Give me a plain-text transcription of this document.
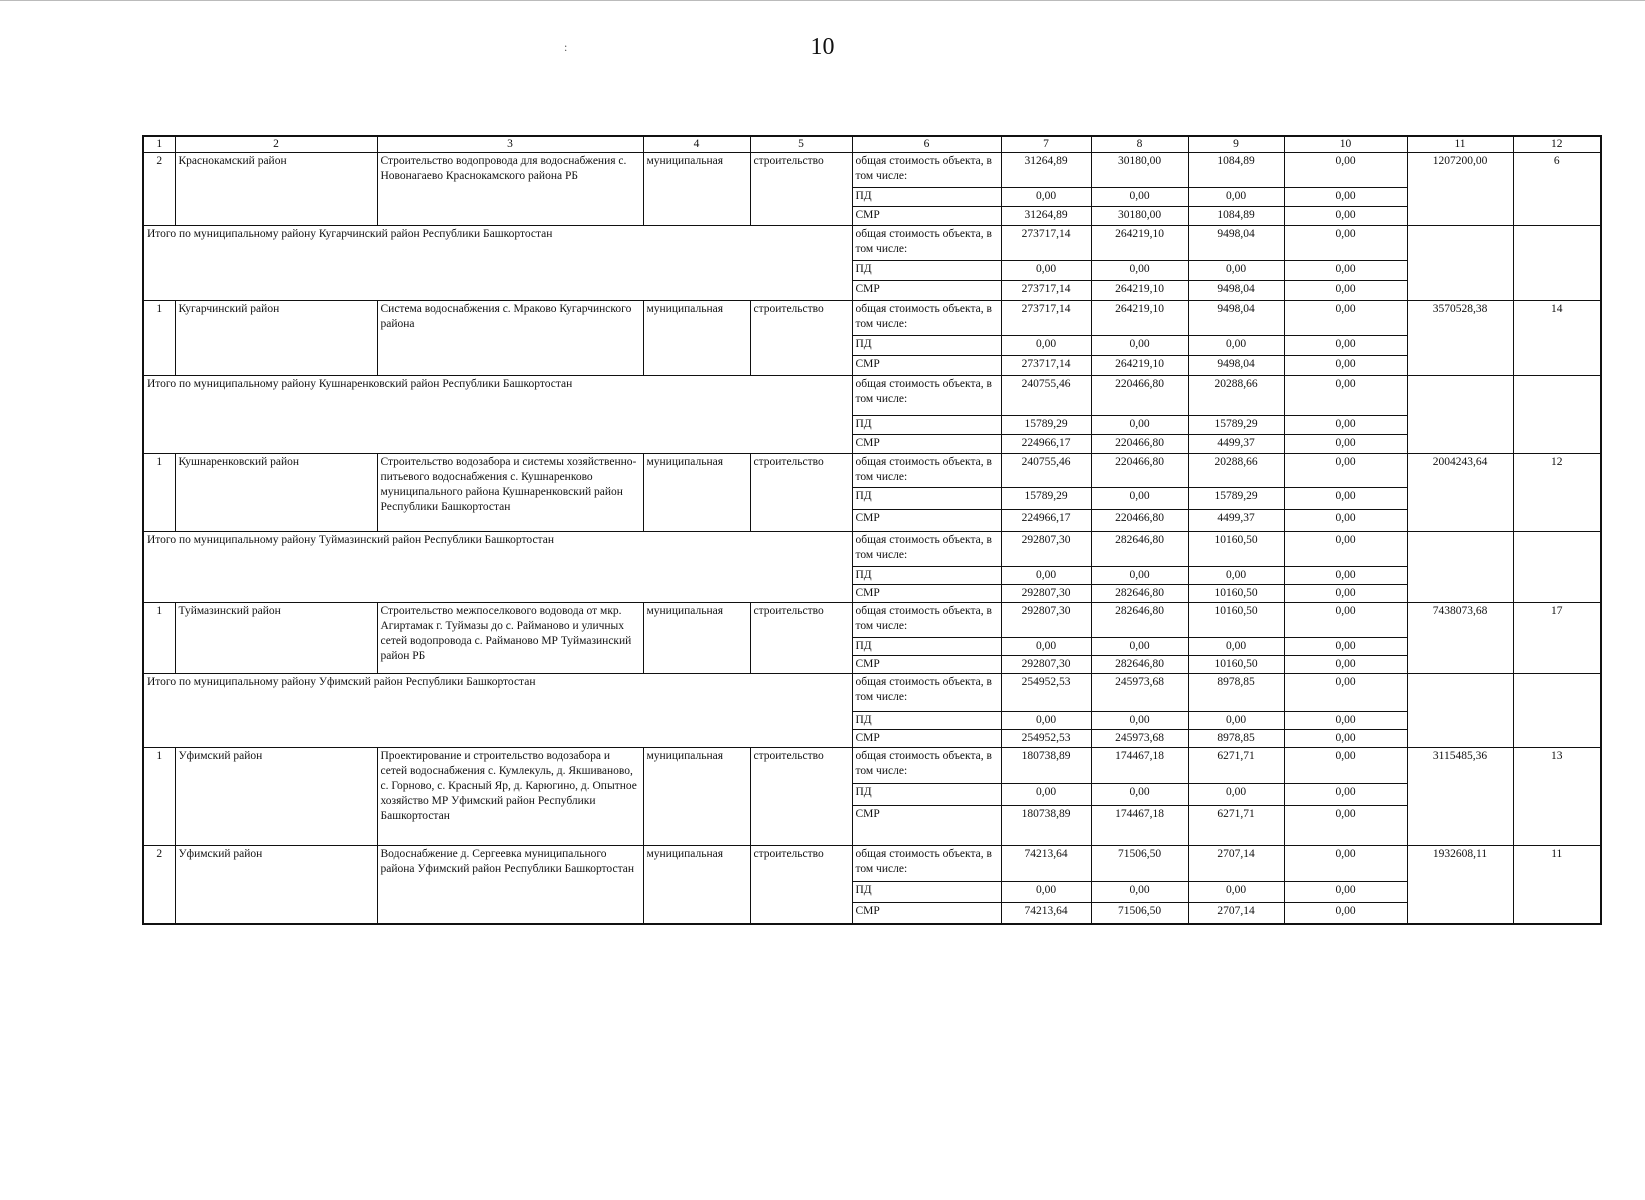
:	10
1	2	3	4	5	6	7	8	9	10	11	12
2	Краснокамский район	Строительство водопровода для водоснабжения с. Новонагаево Краснокамского района РБ	муниципальная	строительство	общая стоимость объекта, в том числе:	31264,89	30180,00	1084,89	0,00	1207200,00	6
					ПД	0,00	0,00	0,00	0,00		
					СМР	31264,89	30180,00	1084,89	0,00		
Итого по муниципальному району Кугарчинский район Республики Башкортостан					общая стоимость объекта, в том числе:	273717,14	264219,10	9498,04	0,00		
					ПД	0,00	0,00	0,00	0,00		
					СМР	273717,14	264219,10	9498,04	0,00		
1	Кугарчинский район	Система водоснабжения с. Мраково Кугарчинского района	муниципальная	строительство	общая стоимость объекта, в том числе:	273717,14	264219,10	9498,04	0,00	3570528,38	14
					ПД	0,00	0,00	0,00	0,00		
					СМР	273717,14	264219,10	9498,04	0,00		
Итого по муниципальному району Кушнаренковский район Республики Башкортостан					общая стоимость объекта, в том числе:	240755,46	220466,80	20288,66	0,00		
					ПД	15789,29	0,00	15789,29	0,00		
					СМР	224966,17	220466,80	4499,37	0,00		
1	Кушнаренковский район	Строительство водозабора и системы хозяйственно-питьевого водоснабжения с. Кушнаренково муниципального района Кушнаренковский район Республики Башкортостан	муниципальная	строительство	общая стоимость объекта, в том числе:	240755,46	220466,80	20288,66	0,00	2004243,64	12
					ПД	15789,29	0,00	15789,29	0,00		
					СМР	224966,17	220466,80	4499,37	0,00		
Итого по муниципальному району Туймазинский район Республики Башкортостан					общая стоимость объекта, в том числе:	292807,30	282646,80	10160,50	0,00		
					ПД	0,00	0,00	0,00	0,00		
					СМР	292807,30	282646,80	10160,50	0,00		
1	Туймазинский район	Строительство межпоселкового водовода от мкр. Агиртамак г. Туймазы до с. Райманово и уличных сетей водопровода с. Райманово МР Туймазинский район РБ	муниципальная	строительство	общая стоимость объекта, в том числе:	292807,30	282646,80	10160,50	0,00	7438073,68	17
					ПД	0,00	0,00	0,00	0,00		
					СМР	292807,30	282646,80	10160,50	0,00		
Итого по муниципальному району Уфимский район Республики Башкортостан					общая стоимость объекта, в том числе:	254952,53	245973,68	8978,85	0,00		
					ПД	0,00	0,00	0,00	0,00		
					СМР	254952,53	245973,68	8978,85	0,00		
1	Уфимский район	Проектирование и строительство водозабора и сетей водоснабжения с. Кумлекуль, д. Якшиваново, с. Горново, с. Красный Яр, д. Карюгино, д. Опытное хозяйство МР Уфимский район Республики Башкортостан	муниципальная	строительство	общая стоимость объекта, в том числе:	180738,89	174467,18	6271,71	0,00	3115485,36	13
					ПД	0,00	0,00	0,00	0,00		
					СМР	180738,89	174467,18	6271,71	0,00		
2	Уфимский район	Водоснабжение д. Сергеевка муниципального района Уфимский район Республики Башкортостан	муниципальная	строительство	общая стоимость объекта, в том числе:	74213,64	71506,50	2707,14	0,00	1932608,11	11
					ПД	0,00	0,00	0,00	0,00		
					СМР	74213,64	71506,50	2707,14	0,00		
